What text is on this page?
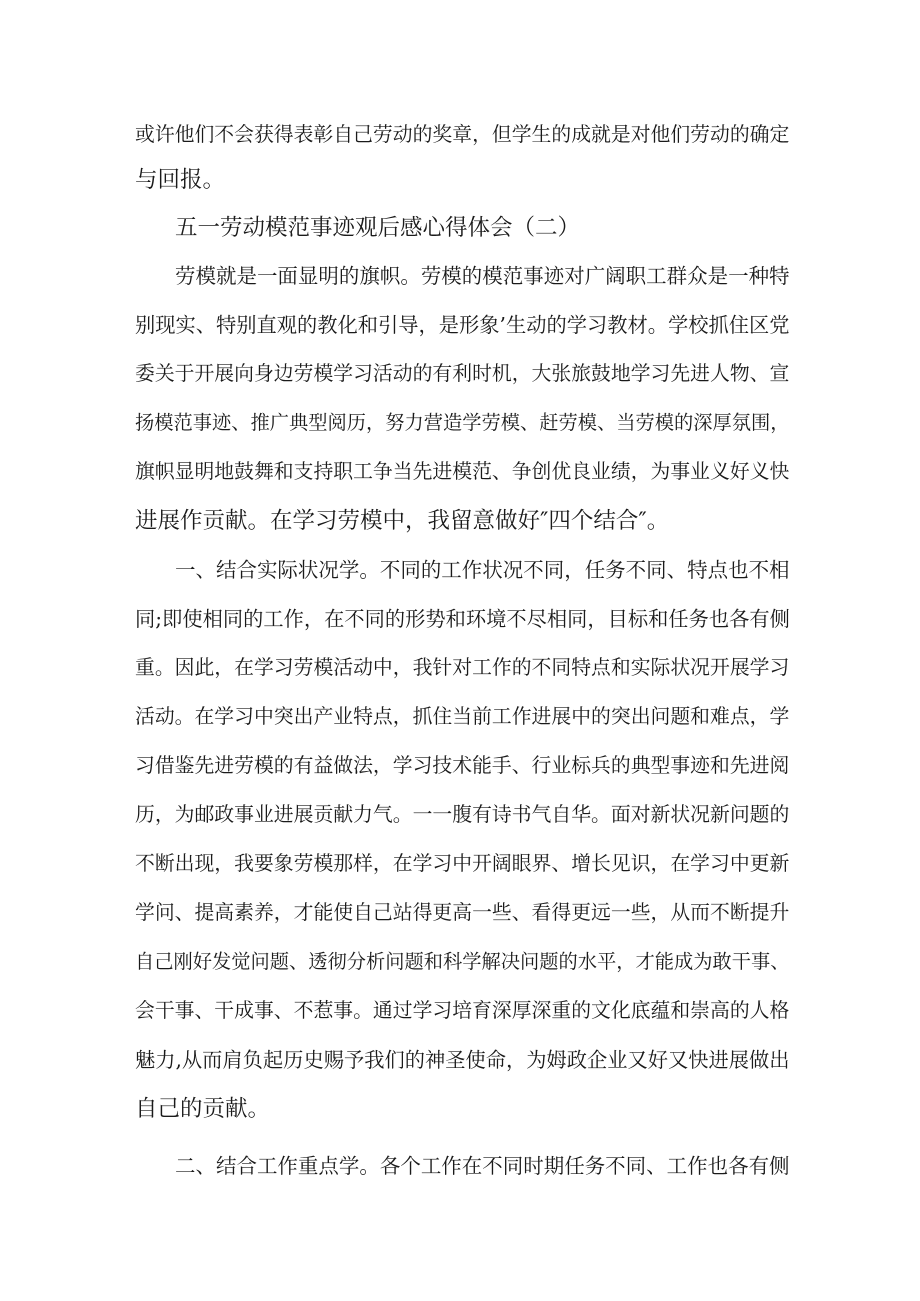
或许他们不会获得表彰自己劳动的奖章，但学生的成就是对他们劳动的确定
与回报。
五一劳动模范事迹观后感心得体会（二）
劳模就是一面显明的旗帜。劳模的模范事迹对广阔职工群众是一种特
别现实、特别直观的教化和引导，是形象’生动的学习教材。学校抓住区党
委关于开展向身边劳模学习活动的有利时机，大张旅鼓地学习先进人物、宣
扬模范事迹、推广典型阅历，努力营造学劳模、赶劳模、当劳模的深厚氛围，
旗帜显明地鼓舞和支持职工争当先进模范、争创优良业绩，为事业义好义快
进展作贡献。在学习劳模中，我留意做好″四个结合″。
一、结合实际状况学。不同的工作状况不同，任务不同、特点也不相
同;即使相同的工作，在不同的形势和环境不尽相同，目标和任务也各有侧
重。因此，在学习劳模活动中，我针对工作的不同特点和实际状况开展学习
活动。在学习中突出产业特点，抓住当前工作进展中的突出问题和难点，学
习借鉴先进劳模的有益做法，学习技术能手、行业标兵的典型事迹和先进阅
历，为邮政事业进展贡献力气。一一腹有诗书气自华。面对新状况新问题的
不断出现，我要象劳模那样，在学习中开阔眼界、增长见识，在学习中更新
学问、提高素养，才能使自己站得更高一些、看得更远一些，从而不断提升
自己刚好发觉问题、透彻分析问题和科学解决问题的水平，才能成为敢干事、
会干事、干成事、不惹事。通过学习培育深厚深重的文化底蕴和崇高的人格
魅力,从而肩负起历史赐予我们的神圣使命，为姆政企业又好又快进展做出
自己的贡献。
二、结合工作重点学。各个工作在不同时期任务不同、工作也各有侧
